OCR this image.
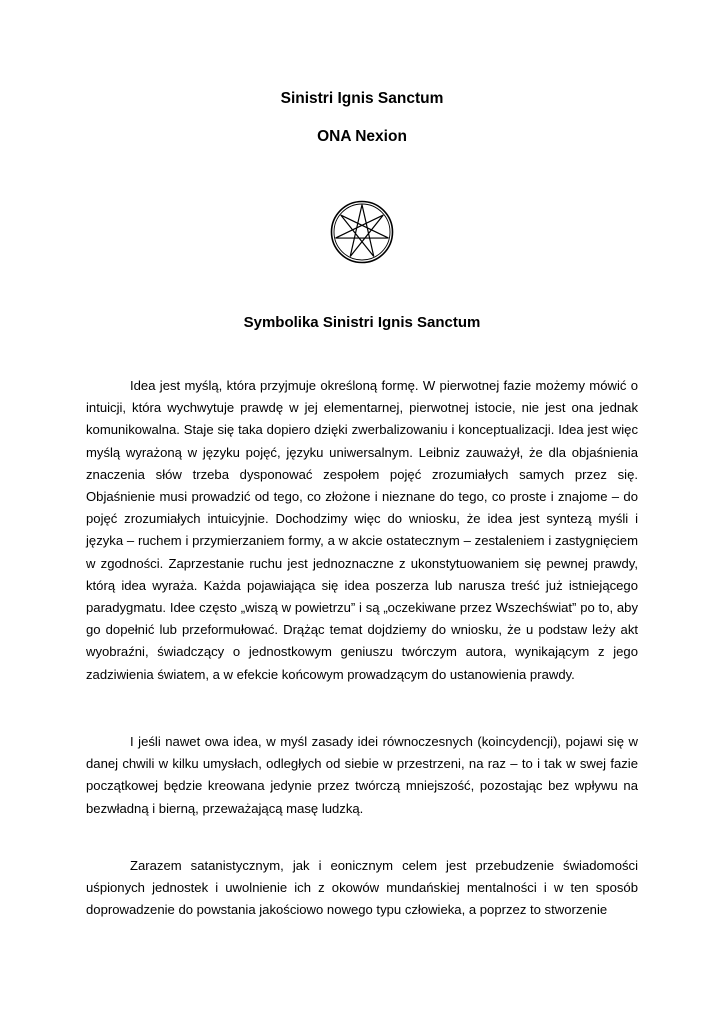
Sinistri Ignis Sanctum
ONA Nexion
Symbolika Sinistri Ignis Sanctum

Idea jest myślą, która przyjmuje określoną formę. W pierwotnej fazie możemy mówić o intuicji, która wychwytuje prawdę w jej elementarnej, pierwotnej istocie, nie jest ona jednak komunikowalna. Staje się taka dopiero dzięki zwerbalizowaniu i konceptualizacji. Idea jest więc myślą wyrażoną w języku pojęć, języku uniwersalnym. Leibniz zauważył, że dla objaśnienia znaczenia słów trzeba dysponować zespołem pojęć zrozumiałych samych przez się. Objaśnienie musi prowadzić od tego, co złożone i nieznane do tego, co proste i znajome – do pojęć zrozumiałych intuicyjnie. Dochodzimy więc do wniosku, że idea jest syntezą myśli i języka – ruchem i przymierzaniem formy, a w akcie ostatecznym – zestaleniem i zastygnięciem w zgodności. Zaprzestanie ruchu jest jednoznaczne z ukonstytuowaniem się pewnej prawdy, którą idea wyraża. Każda pojawiająca się idea poszerza lub narusza treść już istniejącego paradygmatu. Idee często „wiszą w powietrzu” i są „oczekiwane przez Wszechświat” po to, aby go dopełnić lub przeformułować. Drążąc temat dojdziemy do wniosku, że u podstaw leży akt wyobraźni, świadczący o jednostkowym geniuszu twórczym autora, wynikającym z jego zadziwienia światem, a w efekcie końcowym prowadzącym do ustanowienia prawdy.

I jeśli nawet owa idea, w myśl zasady idei równoczesnych (koincydencji), pojawi się w danej chwili w kilku umysłach, odległych od siebie w przestrzeni, na raz – to i tak w swej fazie początkowej będzie kreowana jedynie przez twórczą mniejszość, pozostając bez wpływu na bezwładną i bierną, przeważającą masę ludzką.

Zarazem satanistycznym, jak i eonicznym celem jest przebudzenie świadomości uśpionych jednostek i uwolnienie ich z okowów mundańskiej mentalności i w ten sposób doprowadzenie do powstania jakościowo nowego typu człowieka, a poprzez to stworzenie
